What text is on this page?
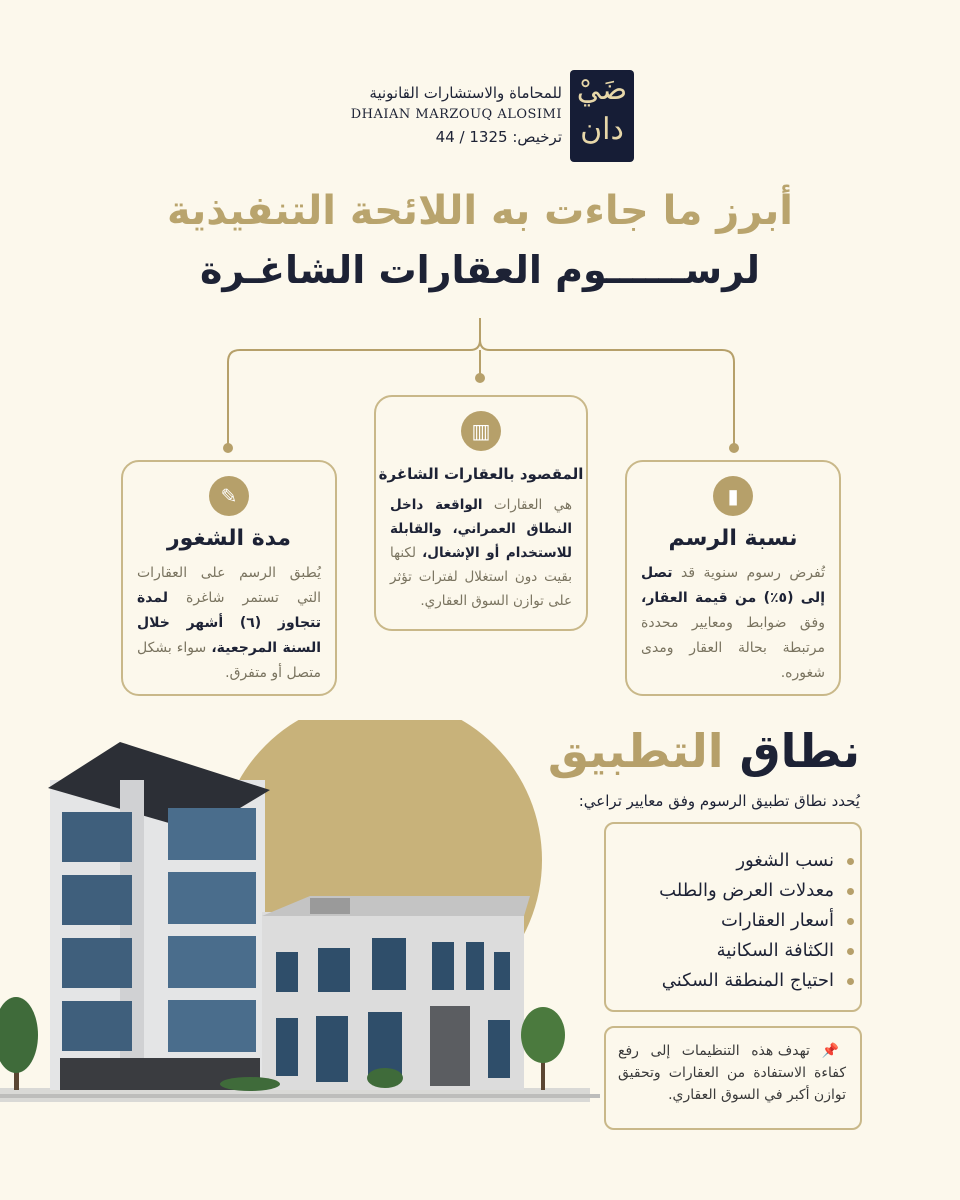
ضَيْ
دان
للمحاماة والاستشارات القانونية
DHAIAN MARZOUQ ALOSIMI
ترخيص: 1325 / 44
أبرز ما جاءت به اللائحة التنفيذية
لرســــــوم العقارات الشاغـرة
✎
مدة الشغور

يُطبق الرسم على العقارات التي تستمر شاغرة لمدة تتجاوز (٦) أشهر خلال السنة المرجعية، سواء بشكل متصل أو متفرق.

▥
المقصود بالعقارات الشاغرة

هي العقارات الواقعة داخل النطاق العمراني، والقابلة للاستخدام أو الإشغال، لكنها بقيت دون استغلال لفترات تؤثر على توازن السوق العقاري.

▮
نسبة الرسم

تُفرض رسوم سنوية قد تصل إلى (٥٪) من قيمة العقار، وفق ضوابط ومعايير محددة مرتبطة بحالة العقار ومدى شغوره.

نطاق التطبيق
يُحدد نطاق تطبيق الرسوم وفق معايير تراعي:
نسب الشغور
معدلات العرض والطلب
أسعار العقارات
الكثافة السكانية
احتياج المنطقة السكني

📌 تهدف هذه التنظيمات إلى رفع كفاءة الاستفادة من العقارات وتحقيق توازن أكبر في السوق العقاري.
